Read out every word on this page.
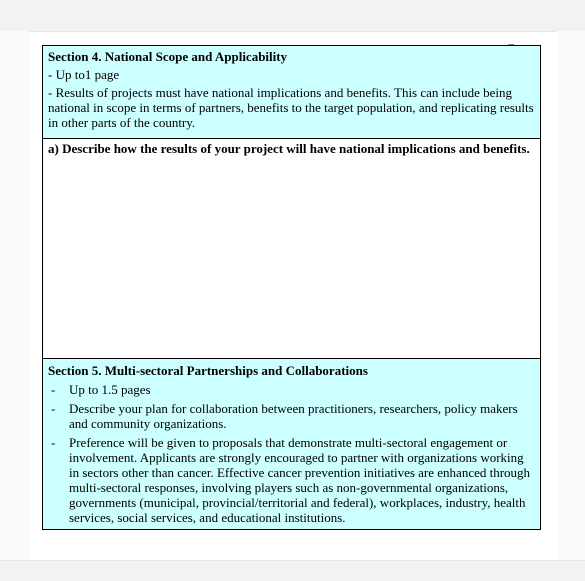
Section 4. National Scope and Applicability
- Up to1 page
- Results of projects must have national implications and benefits. This can include being national in scope in terms of partners, benefits to the target population, and replicating results in other parts of the country.
a) Describe how the results of your project will have national implications and benefits.
Section 5. Multi-sectoral Partnerships and Collaborations
- Up to 1.5 pages
- Describe your plan for collaboration between practitioners, researchers, policy makers and community organizations.
- Preference will be given to proposals that demonstrate multi-sectoral engagement or involvement. Applicants are strongly encouraged to partner with organizations working in sectors other than cancer. Effective cancer prevention initiatives are enhanced through multi-sectoral responses, involving players such as non-governmental organizations, governments (municipal, provincial/territorial and federal), workplaces, industry, health services, social services, and educational institutions.
